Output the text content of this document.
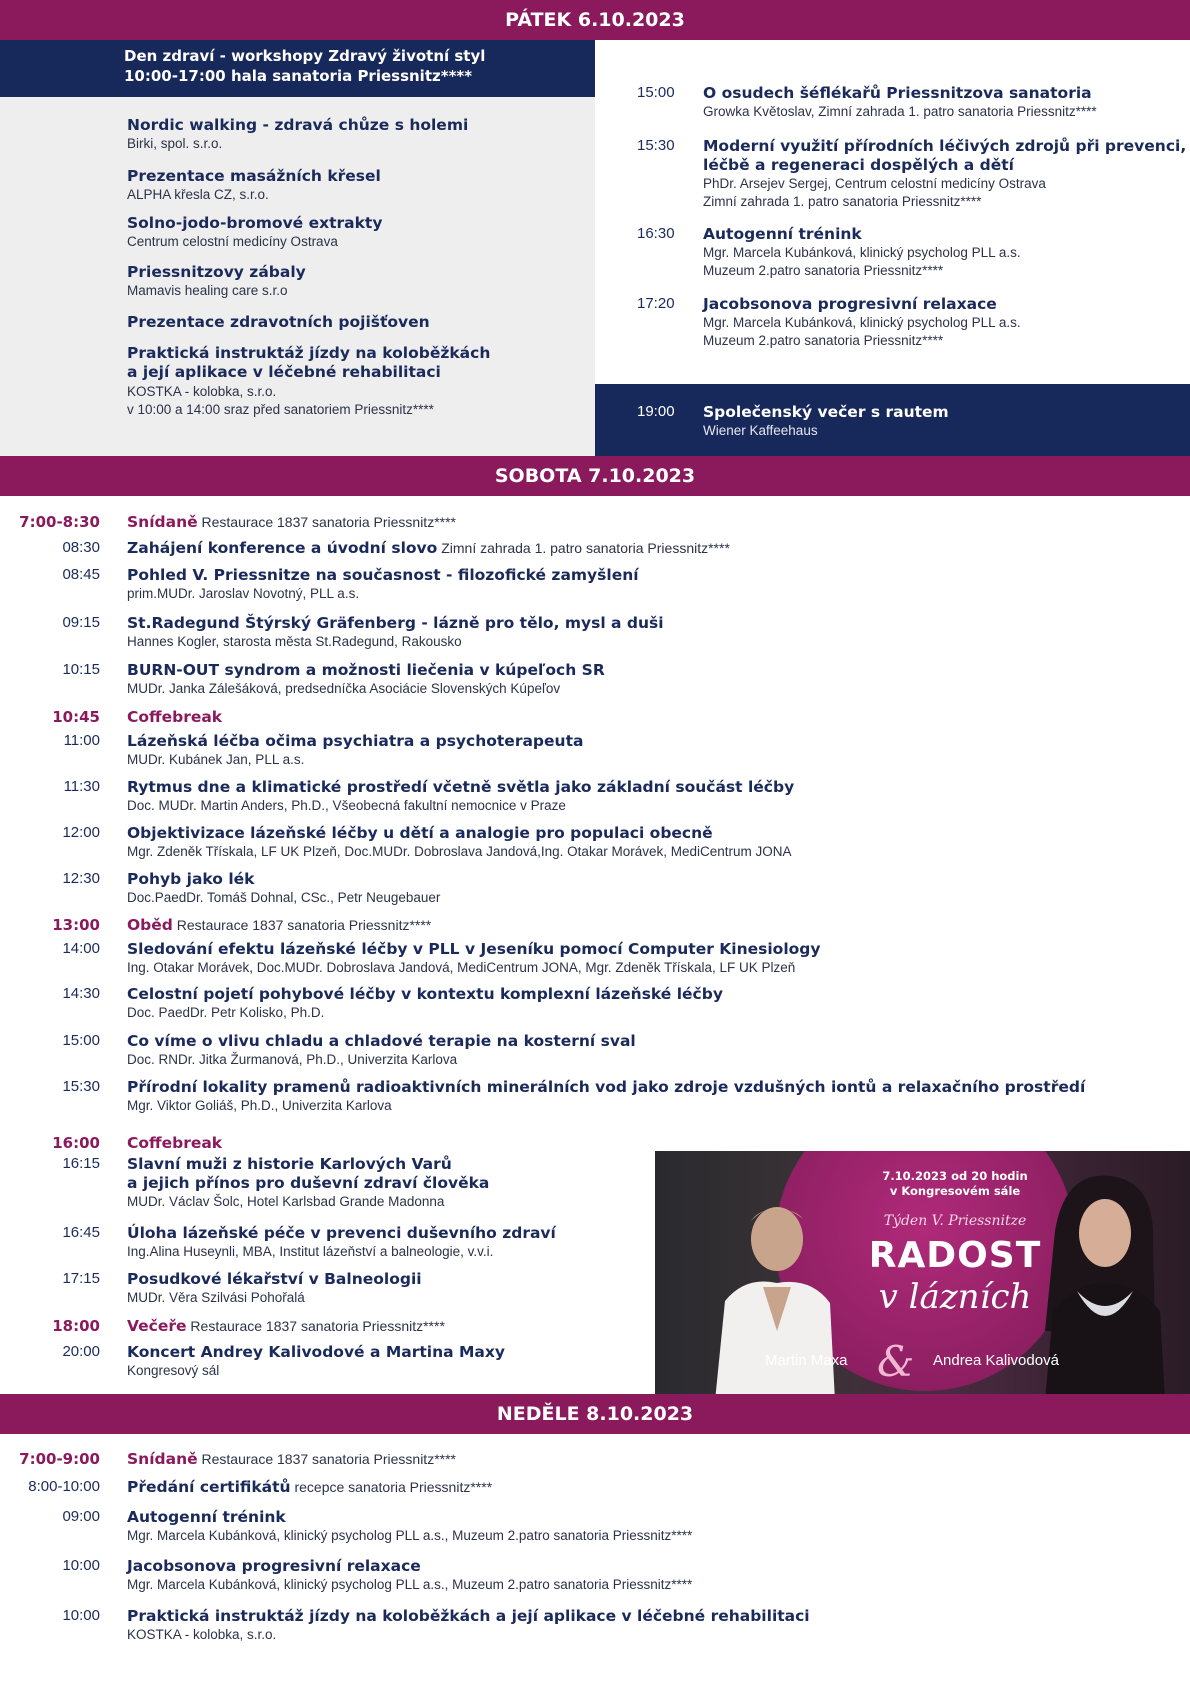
PÁTEK 6.10.2023
Den zdraví - workshopy Zdravý životní styl
10:00-17:00 hala sanatoria Priessnitz****
Nordic walking - zdravá chůze s holemi
Birki, spol. s.r.o.
Prezentace masážních křesel
ALPHA křesla CZ, s.r.o.
Solno-jodo-bromové extrakty
Centrum celostní medicíny Ostrava
Priessnitzovy zábaly
Mamavis healing care s.r.o
Prezentace zdravotních pojišťoven
Praktická instruktáž jízdy na koloběžkách
a její aplikace v léčebné rehabilitaci
KOSTKA - kolobka, s.r.o.
v 10:00 a 14:00 sraz před sanatoriem Priessnitz****
15:00 O osudech šéflékařů Priessnitzova sanatoria
Growka Květoslav, Zimní zahrada 1. patro sanatoria Priessnitz****
15:30 Moderní využití přírodních léčivých zdrojů při prevenci,
léčbě a regeneraci dospělých a dětí
PhDr. Arsejev Sergej, Centrum celostní medicíny Ostrava
Zimní zahrada 1. patro sanatoria Priessnitz****
16:30 Autogenní trénink
Mgr. Marcela Kubánková, klinický psycholog PLL a.s.
Muzeum 2.patro sanatoria Priessnitz****
17:20 Jacobsonova progresivní relaxace
Mgr. Marcela Kubánková, klinický psycholog PLL a.s.
Muzeum 2.patro sanatoria Priessnitz****
19:00 Společenský večer s rautem
Wiener Kaffeehaus
SOBOTA 7.10.2023
7:00-8:30 Snídaně Restaurace 1837 sanatoria Priessnitz****
08:30 Zahájení konference a úvodní slovo Zimní zahrada 1. patro sanatoria Priessnitz****
08:45 Pohled V. Priessnitze na současnost - filozofické zamyšlení
prim.MUDr. Jaroslav Novotný, PLL a.s.
09:15 St.Radegund Štýrský Gräfenberg - lázně pro tělo, mysl a duši
Hannes Kogler, starosta města St.Radegund, Rakousko
10:15 BURN-OUT syndrom a možnosti liečenia v kúpeľoch SR
MUDr. Janka Zálešáková, predsedníčka Asociácie Slovenských Kúpeľov
10:45 Coffebreak
11:00 Lázeňská léčba očima psychiatra a psychoterapeuta
MUDr. Kubánek Jan, PLL a.s.
11:30 Rytmus dne a klimatické prostředí včetně světla jako základní součást léčby
Doc. MUDr. Martin Anders, Ph.D., Všeobecná fakultní nemocnice v Praze
12:00 Objektivizace lázeňské léčby u dětí a analogie pro populaci obecně
Mgr. Zdeněk Třískala, LF UK Plzeň, Doc.MUDr. Dobroslava Jandová,Ing. Otakar Morávek, MediCentrum JONA
12:30 Pohyb jako lék
Doc.PaedDr. Tomáš Dohnal, CSc., Petr Neugebauer
13:00 Oběd Restaurace 1837 sanatoria Priessnitz****
14:00 Sledování efektu lázeňské léčby v PLL v Jeseníku pomocí Computer Kinesiology
Ing. Otakar Morávek, Doc.MUDr. Dobroslava Jandová, MediCentrum JONA, Mgr. Zdeněk Třískala, LF UK Plzeň
14:30 Celostní pojetí pohybové léčby v kontextu komplexní lázeňské léčby
Doc. PaedDr. Petr Kolisko, Ph.D.
15:00 Co víme o vlivu chladu a chladové terapie na kosterní sval
Doc. RNDr. Jitka Žurmanová, Ph.D., Univerzita Karlova
15:30 Přírodní lokality pramenů radioaktivních minerálních vod jako zdroje vzdušných iontů a relaxačního prostředí
Mgr. Viktor Goliáš, Ph.D., Univerzita Karlova
16:00 Coffebreak
16:15 Slavní muži z historie Karlových Varů
a jejich přínos pro duševní zdraví člověka
MUDr. Václav Šolc, Hotel Karlsbad Grande Madonna
16:45 Úloha lázeňské péče v prevenci duševního zdraví
Ing.Alina Huseynli, MBA, Institut lázeňství a balneologie, v.v.i.
17:15 Posudkové lékařství v Balneologii
MUDr. Věra Szilvási Pohořalá
18:00 Večeře Restaurace 1837 sanatoria Priessnitz****
20:00 Koncert Andrey Kalivodové a Martina Maxy
Kongresový sál
7.10.2023 od 20 hodin
v Kongresovém sále
Týden V. Priessnitze
RADOST
v lázních
&
Martin Maxa	Andrea Kalivodová
NEDĚLE 8.10.2023
7:00-9:00 Snídaně Restaurace 1837 sanatoria Priessnitz****
8:00-10:00 Předání certifikátů recepce sanatoria Priessnitz****
09:00 Autogenní trénink
Mgr. Marcela Kubánková, klinický psycholog PLL a.s., Muzeum 2.patro sanatoria Priessnitz****
10:00 Jacobsonova progresivní relaxace
Mgr. Marcela Kubánková, klinický psycholog PLL a.s., Muzeum 2.patro sanatoria Priessnitz****
10:00 Praktická instruktáž jízdy na koloběžkách a její aplikace v léčebné rehabilitaci
KOSTKA - kolobka, s.r.o.
